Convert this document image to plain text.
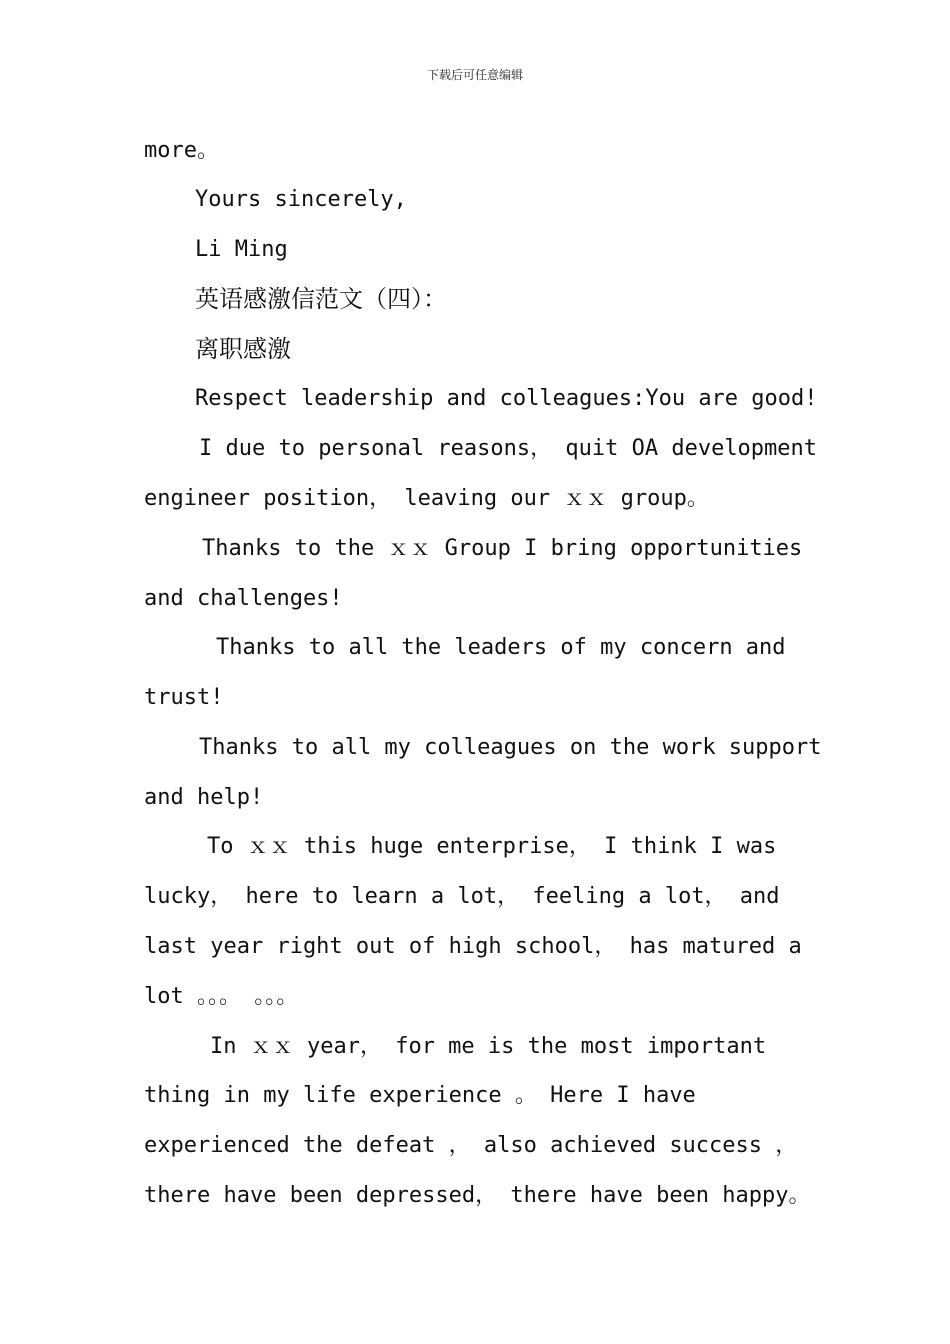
下载后可任意编辑
more。
Yours sincerely,
Li Ming
英语感激信范文（四）：
离职感激
Respect leadership and colleagues:You are good!
I due to personal reasons， quit OA development
engineer position， leaving our ｘｘ group。
Thanks to the ｘｘ Group I bring opportunities
and challenges!
Thanks to all the leaders of my concern and
trust!
Thanks to all my colleagues on the work support
and help!
To ｘｘ this huge enterprise， I think I was
lucky， here to learn a lot， feeling a lot， and
last year right out of high school， has matured a
lot 。。。 。。。
In ｘｘ year， for me is the most important
thing in my life experience 。 Here I have
experienced the defeat ， also achieved success ，
there have been depressed， there have been happy。
